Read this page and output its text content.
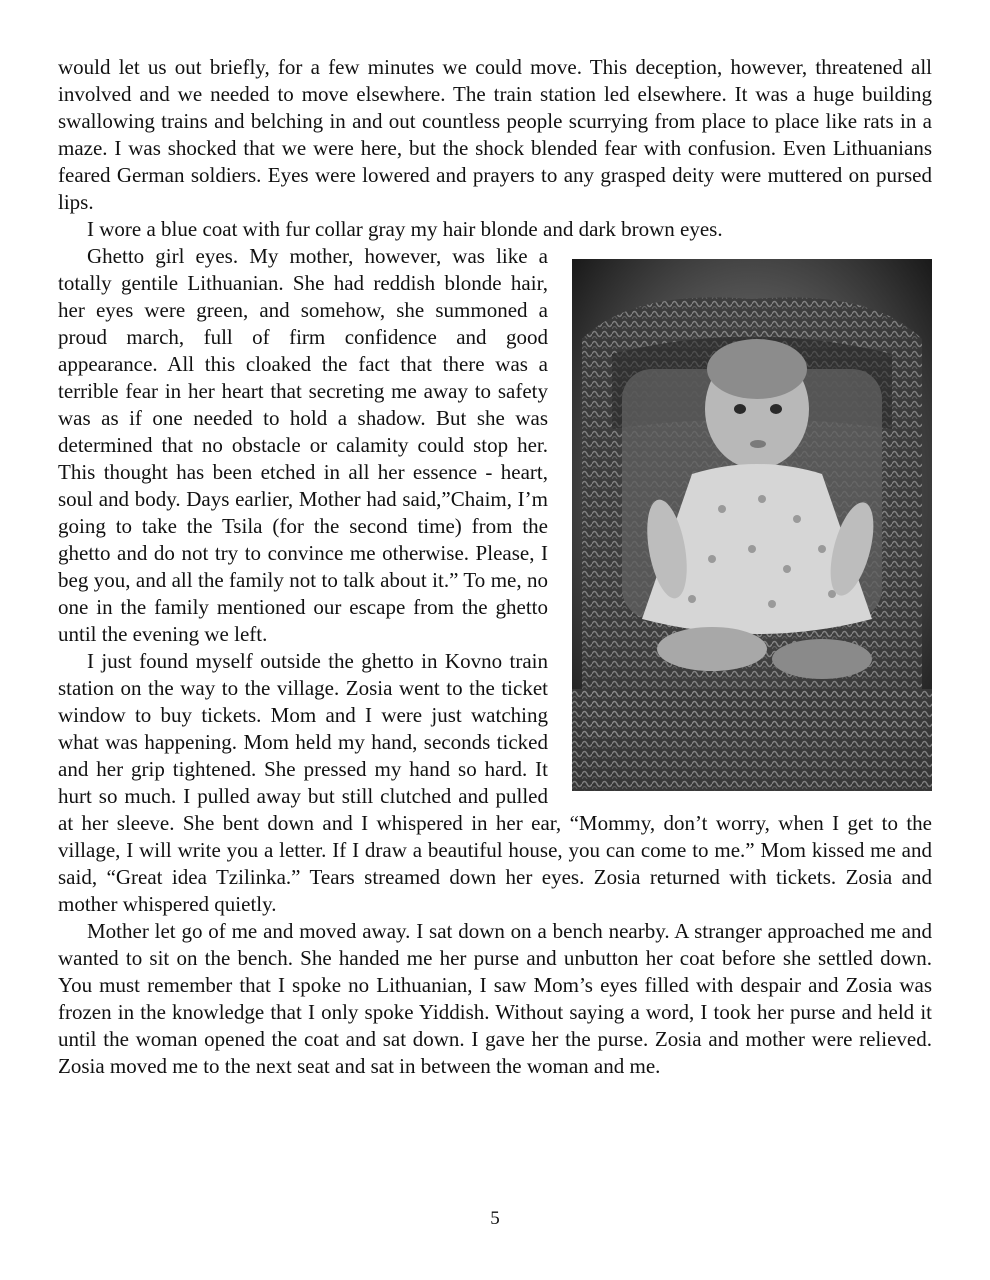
would let us out briefly, for a few minutes we could move. This deception, however, threatened all involved and we needed to move elsewhere. The train station led elsewhere. It was a huge building swallowing trains and belching in and out countless people scurrying from place to place like rats in a maze. I was shocked that we were here, but the shock blended fear with confusion. Even Lithuanians feared German soldiers. Eyes were lowered and prayers to any grasped deity were muttered on pursed lips.

I wore a blue coat with fur collar gray my hair blonde and dark brown eyes.

Ghetto girl eyes. My mother, however, was like a totally gentile Lithuanian. She had reddish blonde hair, her eyes were green, and somehow, she summoned a proud march, full of firm confidence and good appearance. All this cloaked the fact that there was a terrible fear in her heart that secreting me away to safety was as if one needed to hold a shadow. But she was determined that no obstacle or calamity could stop her. This thought has been etched in all her essence - heart, soul and body. Days earlier, Mother had said,”Chaim, I’m going to take the Tsila (for the second time) from the ghetto and do not try to convince me otherwise. Please, I beg you, and all the family not to talk about it.” To me, no one in the family mentioned our escape from the ghetto until the evening we left.

I just found myself outside the ghetto in Kovno train station on the way to the village. Zosia went to the ticket window to buy tickets. Mom and I were just watching what was happening. Mom held my hand, seconds ticked and her grip tightened. She pressed my hand so hard. It hurt so much. I pulled away but still clutched and pulled at her sleeve. She bent down and I whispered in her ear, “Mommy, don’t worry, when I get to the village, I will write you a letter. If I draw a beautiful house, you can come to me.” Mom kissed me and said, “Great idea Tzilinka.” Tears streamed down her eyes. Zosia returned with tickets. Zosia and mother whispered quietly.

Mother let go of me and moved away. I sat down on a bench nearby. A stranger approached me and wanted to sit on the bench. She handed me her purse and unbutton her coat before she settled down. You must remember that I spoke no Lithuanian, I saw Mom’s eyes filled with despair and Zosia was frozen in the knowledge that I only spoke Yiddish. Without saying a word, I took her purse and held it until the woman opened the coat and sat down. I gave her the purse. Zosia and mother were relieved. Zosia moved me to the next seat and sat in between the woman and me.

5
